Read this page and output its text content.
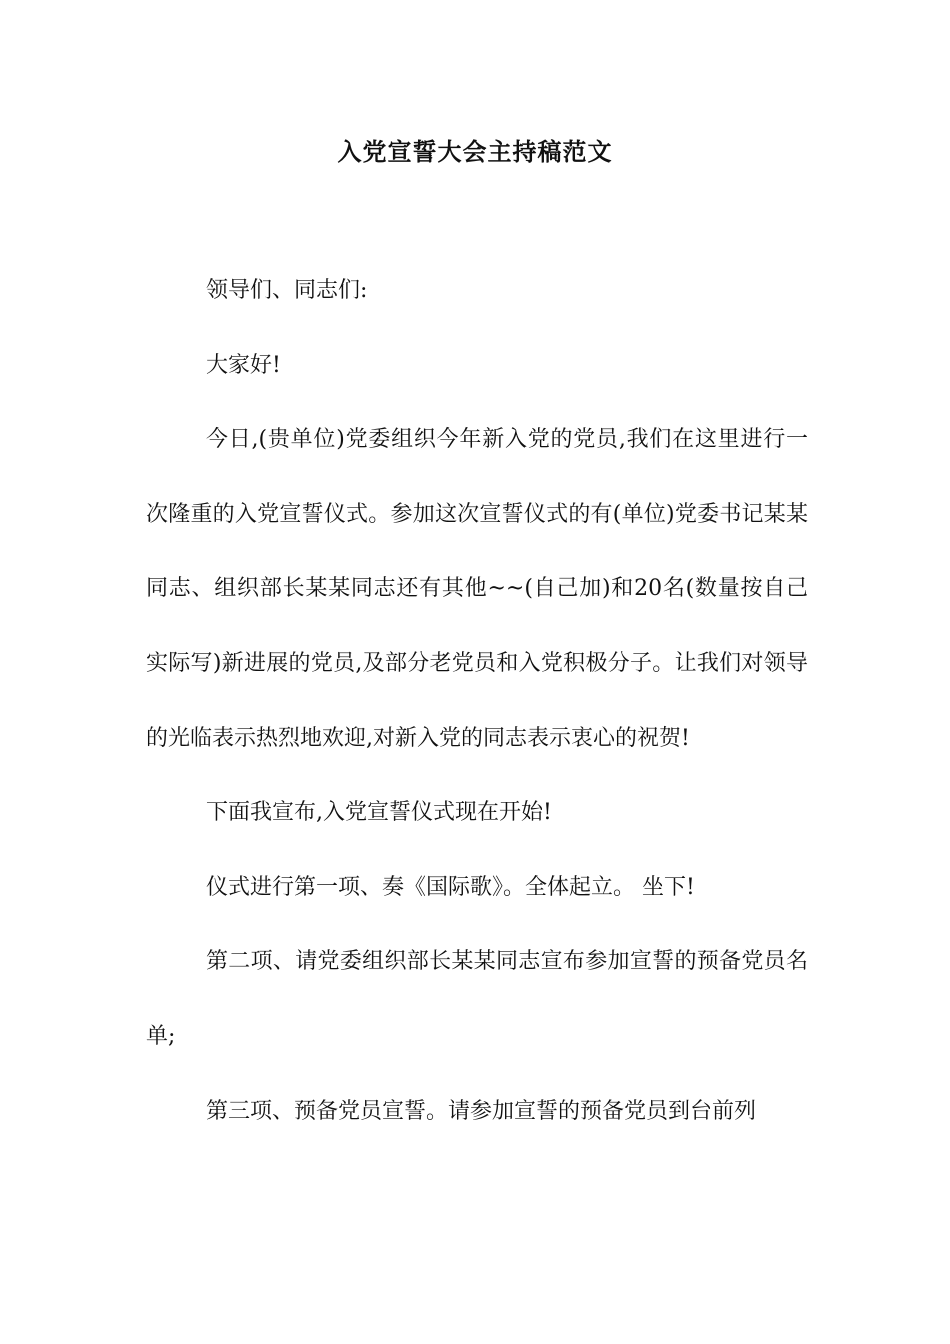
入党宣誓大会主持稿范文

领导们、同志们:

大家好!

今日,(贵单位)党委组织今年新入党的党员,我们在这里进行一次隆重的入党宣誓仪式。参加这次宣誓仪式的有(单位)党委书记某某同志、组织部长某某同志还有其他~~(自己加)和20名(数量按自己实际写)新进展的党员,及部分老党员和入党积极分子。让我们对领导的光临表示热烈地欢迎,对新入党的同志表示衷心的祝贺!

下面我宣布,入党宣誓仪式现在开始!

仪式进行第一项、奏《国际歌》。全体起立。 坐下!

第二项、请党委组织部长某某同志宣布参加宣誓的预备党员名单;

第三项、预备党员宣誓。请参加宣誓的预备党员到台前列
